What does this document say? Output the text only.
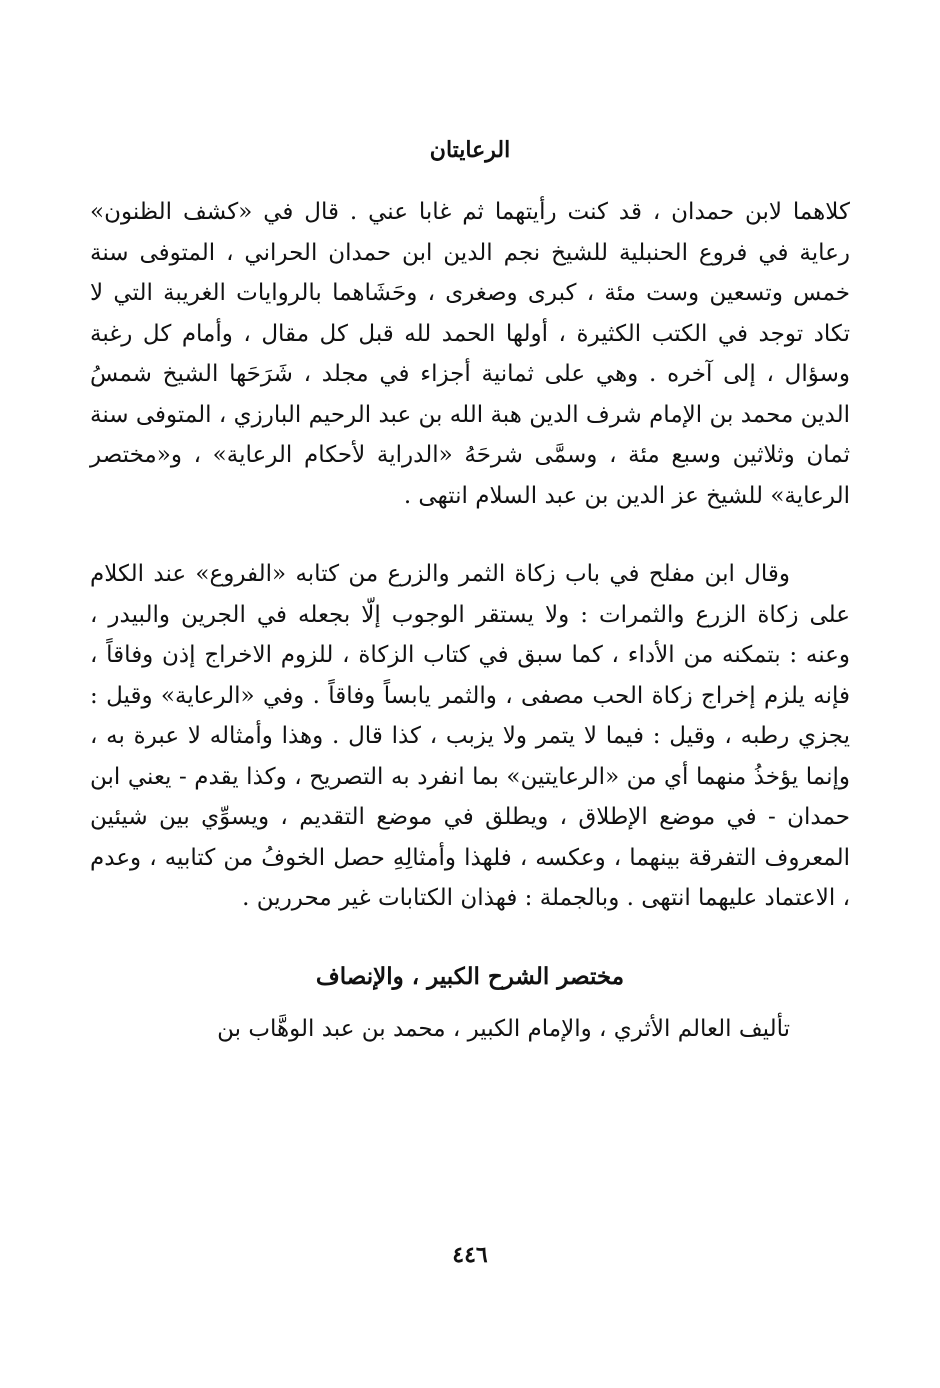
الرعايتان

كلاهما لابن حمدان ، قد كنت رأيتهما ثم غابا عني . قال في «كشف الظنون» رعاية في فروع الحنبلية للشيخ نجم الدين ابن حمدان الحراني ، المتوفى سنة خمس وتسعين وست مئة ، كبرى وصغرى ، وحَشَاهما بالروايات الغريبة التي لا تكاد توجد في الكتب الكثيرة ، أولها الحمد لله قبل كل مقال ، وأمام كل رغبة وسؤال ، إلى آخره . وهي على ثمانية أجزاء في مجلد ، شَرَحَها الشيخ شمسُ الدين محمد بن الإمام شرف الدين هبة الله بن عبد الرحيم البارزي ، المتوفى سنة ثمان وثلاثين وسبع مئة ، وسمَّى شرحَهُ «الدراية لأحكام الرعاية» ، و«مختصر الرعاية» للشيخ عز الدين بن عبد السلام انتهى .

وقال ابن مفلح في باب زكاة الثمر والزرع من كتابه «الفروع» عند الكلام على زكاة الزرع والثمرات : ولا يستقر الوجوب إلّا بجعله في الجرين والبيدر ، وعنه : بتمكنه من الأداء ، كما سبق في كتاب الزكاة ، للزوم الاخراج إذن وفاقاً ، فإنه يلزم إخراج زكاة الحب مصفى ، والثمر يابساً وفاقاً . وفي «الرعاية» وقيل : يجزي رطبه ، وقيل : فيما لا يتمر ولا يزبب ، كذا قال . وهذا وأمثاله لا عبرة به ، وإنما يؤخذُ منهما أي من «الرعايتين» بما انفرد به التصريح ، وكذا يقدم - يعني ابن حمدان - في موضع الإطلاق ، ويطلق في موضع التقديم ، ويسوِّي بين شيئين المعروف التفرقة بينهما ، وعكسه ، فلهذا وأمثالِهِ حصل الخوفُ من كتابيه ، وعدم ، الاعتماد عليهما انتهى . وبالجملة : فهذان الكتابات غير محررين .

مختصر الشرح الكبير ، والإنصاف

تأليف العالم الأثري ، والإمام الكبير ، محمد بن عبد الوهَّاب بن

٤٤٦
